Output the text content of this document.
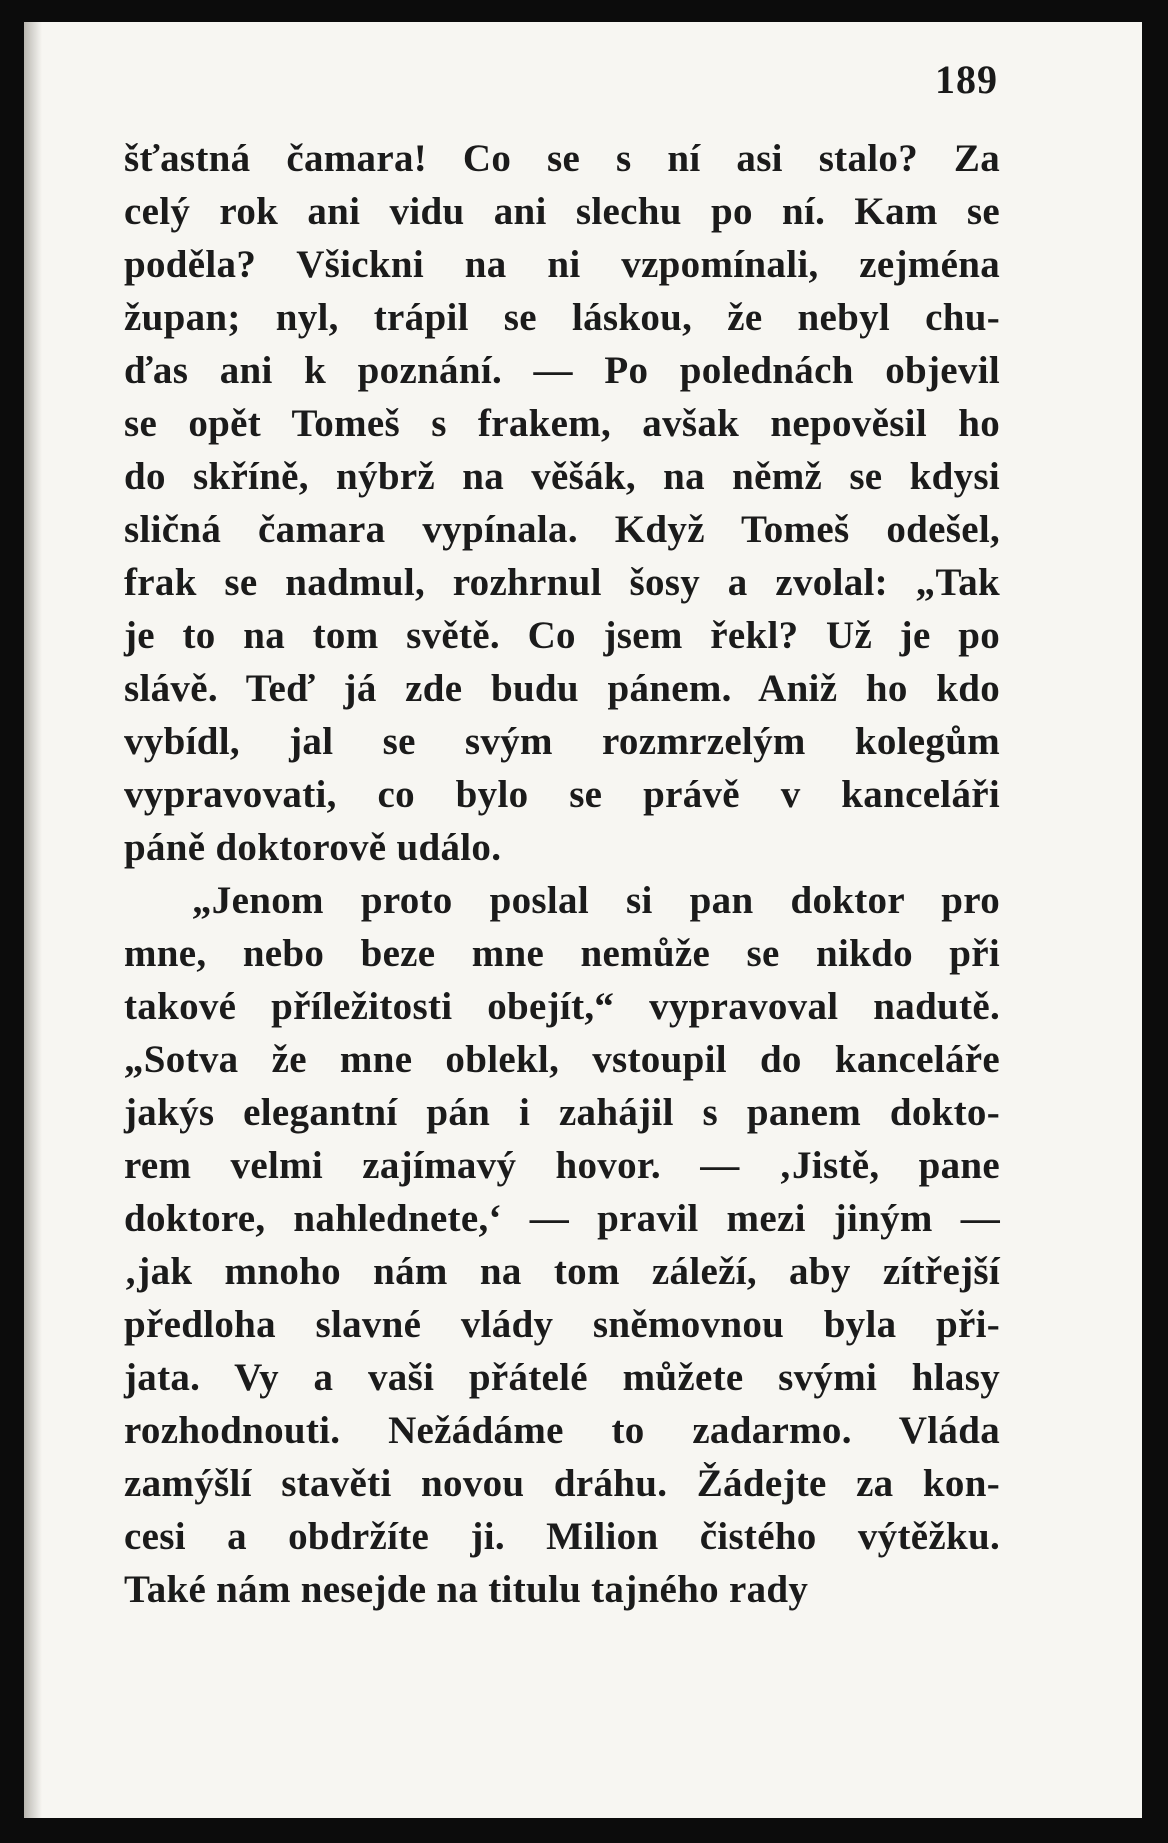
189
šťastná čamara! Co se s ní asi stalo? Za
celý rok ani vidu ani slechu po ní. Kam se
poděla? Všickni na ni vzpomínali, zejména
župan; nyl, trápil se láskou, že nebyl chu-
ďas ani k poznání. — Po polednách objevil
se opět Tomeš s frakem, avšak nepověsil ho
do skříně, nýbrž na věšák, na němž se kdysi
sličná čamara vypínala. Když Tomeš odešel,
frak se nadmul, rozhrnul šosy a zvolal: „Tak
je to na tom světě. Co jsem řekl? Už je po
slávě. Teď já zde budu pánem. Aniž ho kdo
vybídl, jal se svým rozmrzelým kolegům
vypravovati, co bylo se právě v kanceláři
páně doktorově událo.
„Jenom proto poslal si pan doktor pro
mne, nebo beze mne nemůže se nikdo při
takové příležitosti obejít,“ vypravoval nadutě.
„Sotva že mne oblekl, vstoupil do kanceláře
jakýs elegantní pán i zahájil s panem dokto-
rem velmi zajímavý hovor. — ‚Jistě, pane
doktore, nahlednete,‘ — pravil mezi jiným —
‚jak mnoho nám na tom záleží, aby zítřejší
předloha slavné vlády sněmovnou byla při-
jata. Vy a vaši přátelé můžete svými hlasy
rozhodnouti. Nežádáme to zadarmo. Vláda
zamýšlí stavěti novou dráhu. Žádejte za kon-
cesi a obdržíte ji. Milion čistého výtěžku.
Také nám nesejde na titulu tajného rady
